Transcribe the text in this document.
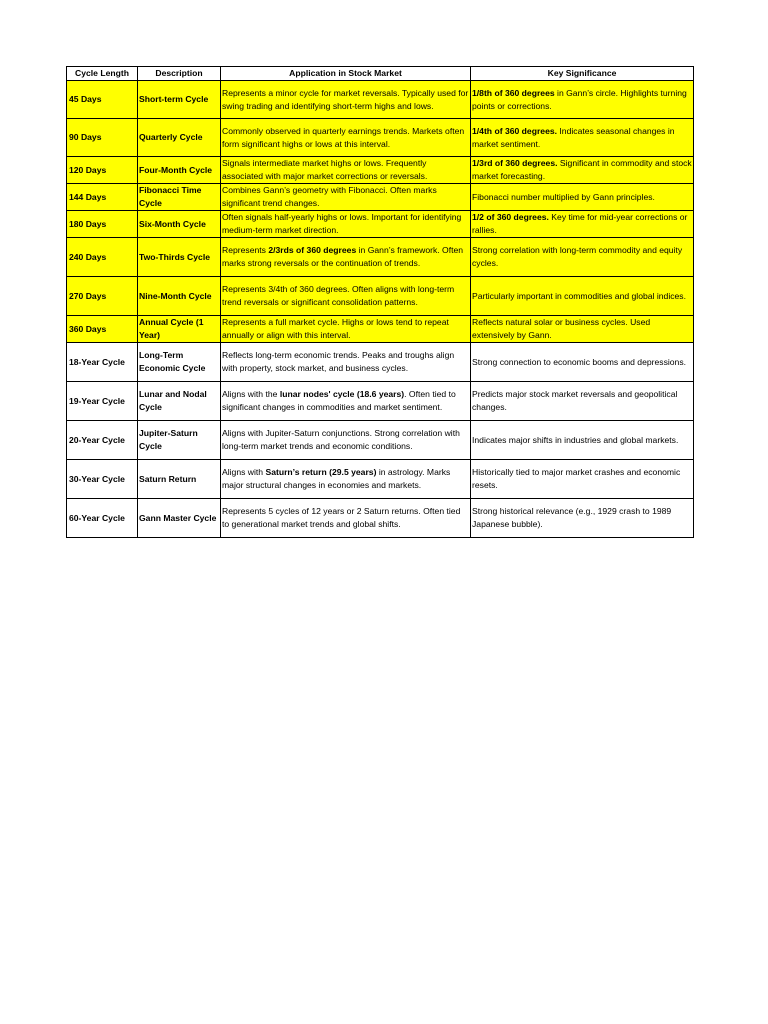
Cycle Length	Description	Application in Stock Market	Key Significance
45 Days	Short-term Cycle	Represents a minor cycle for market reversals. Typically used for swing trading and identifying short-term highs and lows.	1/8th of 360 degrees in Gann’s circle. Highlights turning points or corrections.
90 Days	Quarterly Cycle	Commonly observed in quarterly earnings trends. Markets often form significant highs or lows at this interval.	1/4th of 360 degrees. Indicates seasonal changes in market sentiment.
120 Days	Four-Month Cycle	Signals intermediate market highs or lows. Frequently associated with major market corrections or reversals.	1/3rd of 360 degrees. Significant in commodity and stock market forecasting.
144 Days	Fibonacci Time Cycle	Combines Gann’s geometry with Fibonacci. Often marks significant trend changes.	Fibonacci number multiplied by Gann principles.
180 Days	Six-Month Cycle	Often signals half-yearly highs or lows. Important for identifying medium-term market direction.	1/2 of 360 degrees. Key time for mid-year corrections or rallies.
240 Days	Two-Thirds Cycle	Represents 2/3rds of 360 degrees in Gann’s framework. Often marks strong reversals or the continuation of trends.	Strong correlation with long-term commodity and equity cycles.
270 Days	Nine-Month Cycle	Represents 3/4th of 360 degrees. Often aligns with long-term trend reversals or significant consolidation patterns.	Particularly important in commodities and global indices.
360 Days	Annual Cycle (1 Year)	Represents a full market cycle. Highs or lows tend to repeat annually or align with this interval.	Reflects natural solar or business cycles. Used extensively by Gann.
18-Year Cycle	Long-Term Economic Cycle	Reflects long-term economic trends. Peaks and troughs align with property, stock market, and business cycles.	Strong connection to economic booms and depressions.
19-Year Cycle	Lunar and Nodal Cycle	Aligns with the lunar nodes' cycle (18.6 years). Often tied to significant changes in commodities and market sentiment.	Predicts major stock market reversals and geopolitical changes.
20-Year Cycle	Jupiter-Saturn Cycle	Aligns with Jupiter-Saturn conjunctions. Strong correlation with long-term market trends and economic conditions.	Indicates major shifts in industries and global markets.
30-Year Cycle	Saturn Return	Aligns with Saturn’s return (29.5 years) in astrology. Marks major structural changes in economies and markets.	Historically tied to major market crashes and economic resets.
60-Year Cycle	Gann Master Cycle	Represents 5 cycles of 12 years or 2 Saturn returns. Often tied to generational market trends and global shifts.	Strong historical relevance (e.g., 1929 crash to 1989 Japanese bubble).
